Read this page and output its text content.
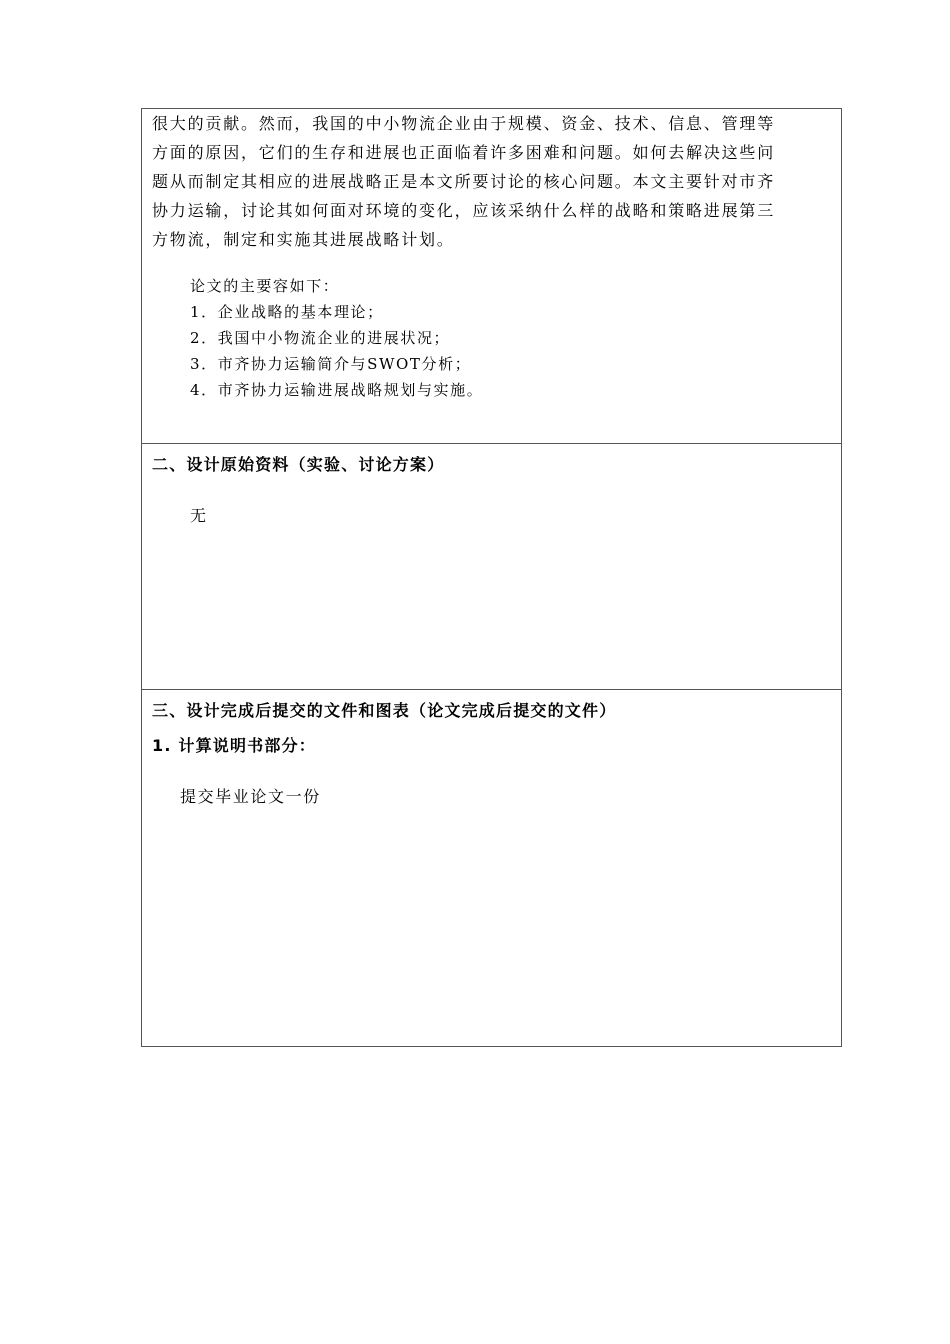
很大的贡献。然而，我国的中小物流企业由于规模、资金、技术、信息、管理等
方面的原因，它们的生存和进展也正面临着许多困难和问题。如何去解决这些问
题从而制定其相应的进展战略正是本文所要讨论的核心问题。本文主要针对市齐
协力运输，讨论其如何面对环境的变化，应该采纳什么样的战略和策略进展第三
方物流，制定和实施其进展战略计划。

论文的主要容如下：
1．企业战略的基本理论；
2．我国中小物流企业的进展状况；
3．市齐协力运输简介与SWOT分析；
4．市齐协力运输进展战略规划与实施。
二、设计原始资料（实验、讨论方案）

无

三、设计完成后提交的文件和图表（论文完成后提交的文件）
1. 计算说明书部分：

提交毕业论文一份
